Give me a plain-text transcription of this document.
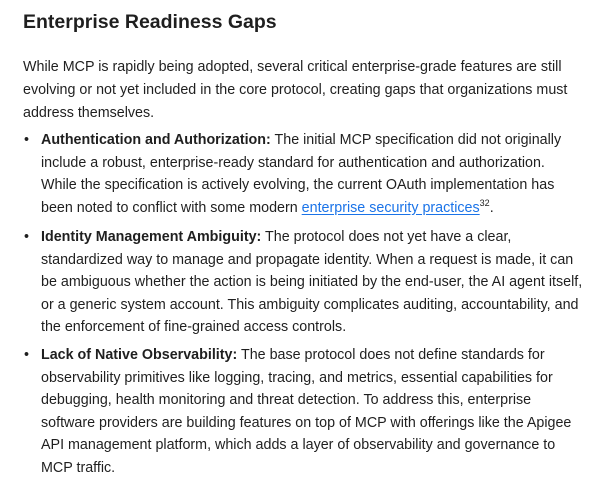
Enterprise Readiness Gaps

While MCP is rapidly being adopted, several critical enterprise-grade features are still evolving or not yet included in the core protocol, creating gaps that organizations must address themselves.

• Authentication and Authorization: The initial MCP specification did not originally include a robust, enterprise-ready standard for authentication and authorization. While the specification is actively evolving, the current OAuth implementation has been noted to conflict with some modern enterprise security practices$^{32}$.

• Identity Management Ambiguity: The protocol does not yet have a clear, standardized way to manage and propagate identity. When a request is made, it can be ambiguous whether the action is being initiated by the end-user, the AI agent itself, or a generic system account. This ambiguity complicates auditing, accountability, and the enforcement of fine-grained access controls.

• Lack of Native Observability: The base protocol does not define standards for observability primitives like logging, tracing, and metrics, essential capabilities for debugging, health monitoring and threat detection. To address this, enterprise software providers are building features on top of MCP with offerings like the Apigee API management platform, which adds a layer of observability and governance to MCP traffic.
